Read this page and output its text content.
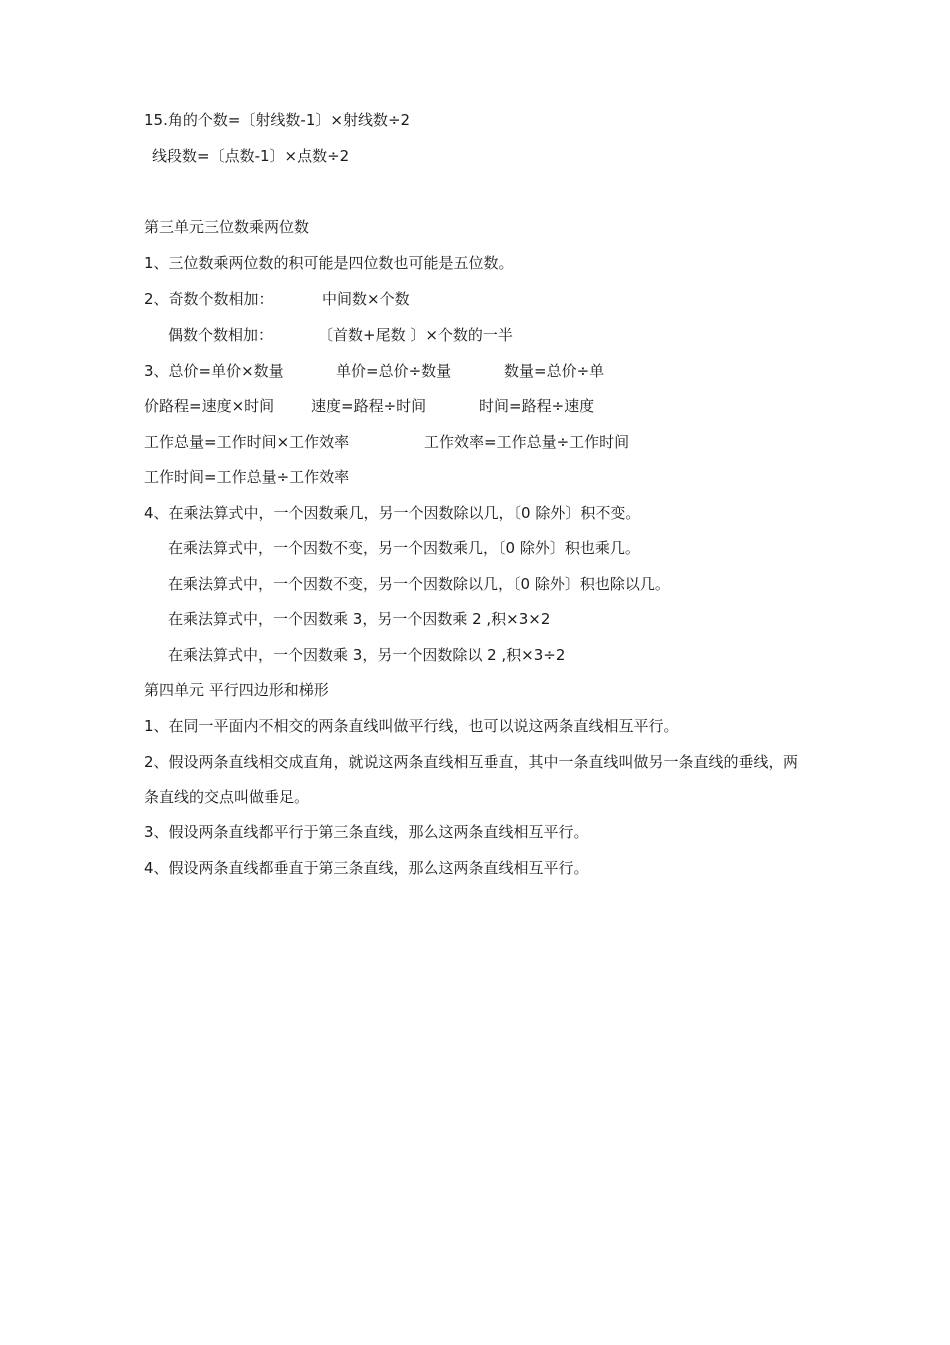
15.角的个数=〔射线数-1〕×射线数÷2
线段数=〔点数-1〕×点数÷2
第三单元三位数乘两位数
1、三位数乘两位数的积可能是四位数也可能是五位数。
2、奇数个数相加：	中间数×个数
偶数个数相加：	〔首数+尾数 〕×个数的一半
3、总价=单价×数量	单价=总价÷数量	数量=总价÷单
价路程=速度×时间 速度=路程÷时间	时间=路程÷速度
工作总量=工作时间×工作效率	工作效率=工作总量÷工作时间
工作时间=工作总量÷工作效率
4、在乘法算式中，一个因数乘几，另一个因数除以几，〔0 除外〕积不变。
在乘法算式中，一个因数不变，另一个因数乘几，〔0 除外〕积也乘几。
在乘法算式中，一个因数不变，另一个因数除以几，〔0 除外〕积也除以几。
在乘法算式中，一个因数乘 3，另一个因数乘 2 ,积×3×2
在乘法算式中，一个因数乘 3，另一个因数除以 2 ,积×3÷2
第四单元 平行四边形和梯形
1、在同一平面内不相交的两条直线叫做平行线，也可以说这两条直线相互平行。
2、假设两条直线相交成直角，就说这两条直线相互垂直，其中一条直线叫做另一条直线的垂线， 两
条直线的交点叫做垂足。
3、假设两条直线都平行于第三条直线，那么这两条直线相互平行。
4、假设两条直线都垂直于第三条直线，那么这两条直线相互平行。
